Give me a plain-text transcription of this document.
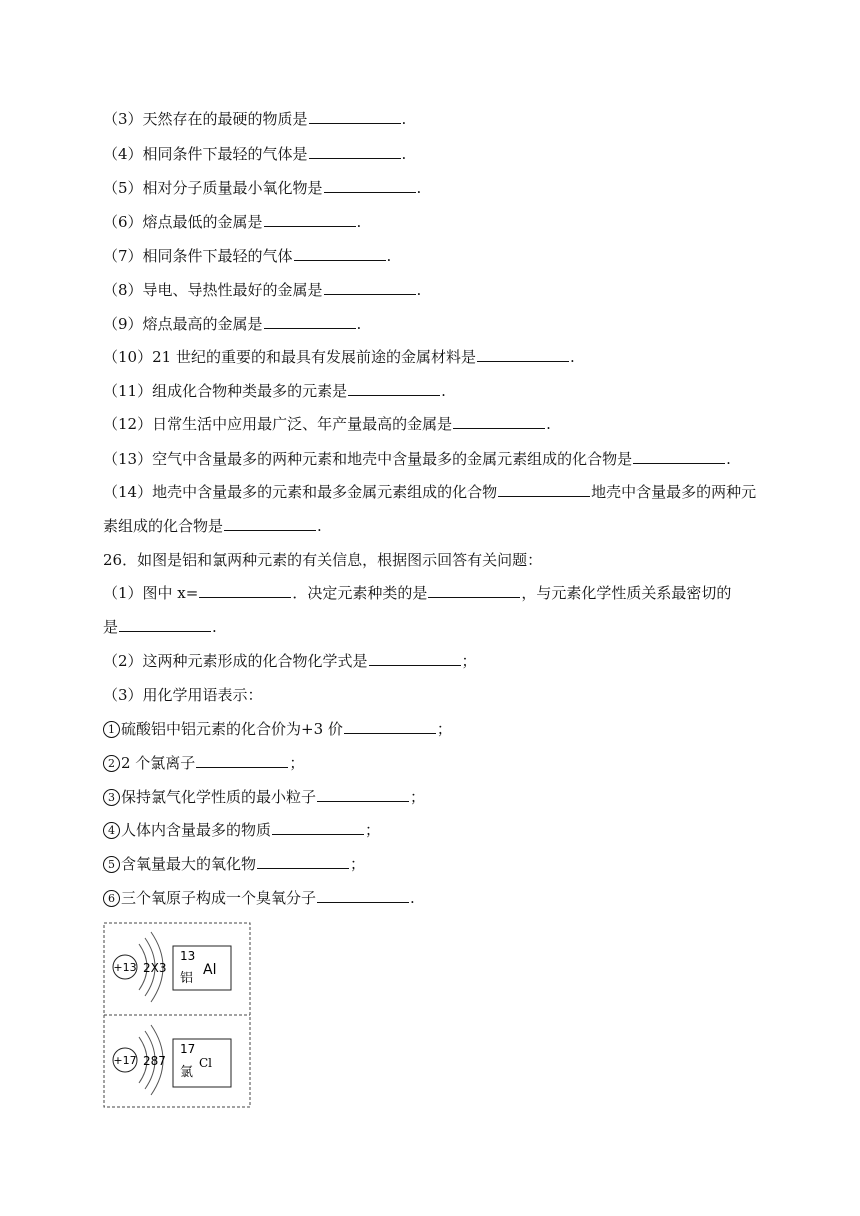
（3）天然存在的最硬的物质是	.
（4）相同条件下最轻的气体是	.
（5）相对分子质量最小氧化物是	.
（6）熔点最低的金属是	.
（7）相同条件下最轻的气体	.
（8）导电、导热性最好的金属是	.
（9）熔点最高的金属是	.
（10）21 世纪的重要的和最具有发展前途的金属材料是	.
（11）组成化合物种类最多的元素是	.
（12）日常生活中应用最广泛、年产量最高的金属是	.
（13）空气中含量最多的两种元素和地壳中含量最多的金属元素组成的化合物是	.
（14）地壳中含量最多的元素和最多金属元素组成的化合物	地壳中含量最多的两种元
素组成的化合物是	.
26．如图是铝和氯两种元素的有关信息，根据图示回答有关问题：
（1）图中 x=	．决定元素种类的是	，与元素化学性质关系最密切的
是	.
（2）这两种元素形成的化合物化学式是	；
（3）用化学用语表示：
1 硫酸铝中铝元素的化合价为+3 价	；
2 2 个氯离子	；
3 保持氯气化学性质的最小粒子	；
4 人体内含量最多的物质	；
5 含氧量最大的氧化物	；
6 三个氧原子构成一个臭氧分子	.
+13 2X3
13
Al
铝
+17 287
17
Cl
氯
